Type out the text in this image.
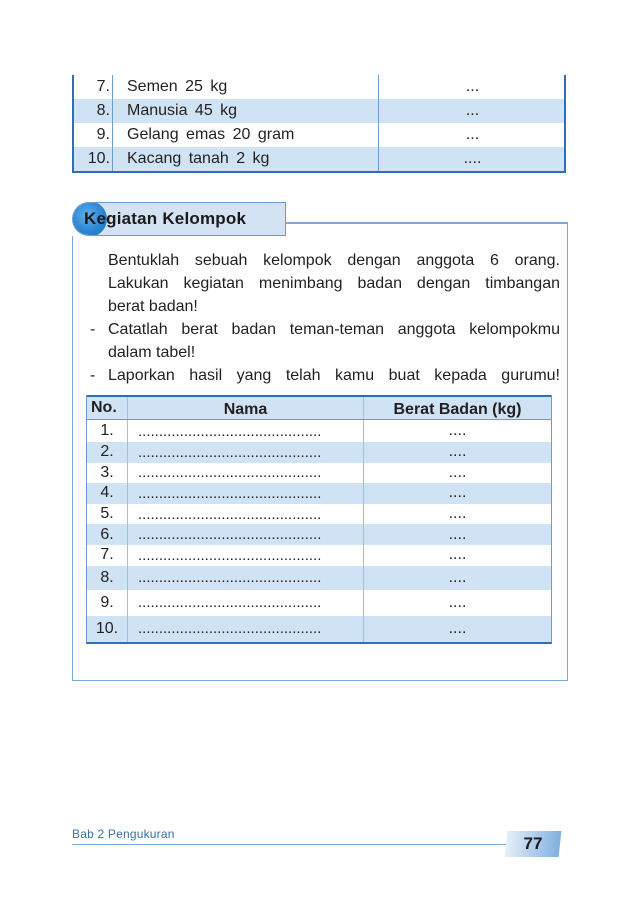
7. Semen 25 kg	...
8. Manusia 45 kg	...
9. Gelang emas 20 gram	...
10. Kacang tanah 2 kg	....
Kegiatan Kelompok
Bentuklah sebuah kelompok dengan anggota 6 orang.
Lakukan kegiatan menimbang badan dengan timbangan
berat badan!
- Catatlah berat badan teman-teman anggota kelompokmu
dalam tabel!
- Laporkan hasil yang telah kamu buat kepada gurumu!
No.	Nama	Berat Badan (kg)
1.	............................................	....
2.	............................................	....
3.	............................................	....
4.	............................................	....
5.	............................................	....
6.	............................................	....
7.	............................................	....
8.	............................................	....
9.	............................................	....
10.	............................................	....
Bab 2 Pengukuran	77
